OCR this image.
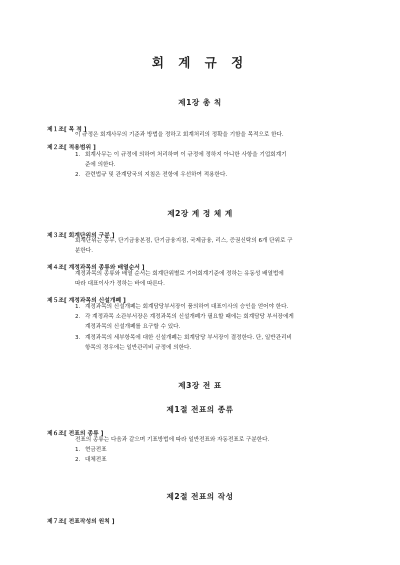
회 계 규 정
제1장 총 칙
제１조[ 목 적 ]
이 규정은 회계사무의 기준과 방법을 정하고 회계처리의 정확을 기함을 목적으로 한다.
제２조[ 적용범위 ]
1. 회계사무는 이 규정에 의하여 처리하며 이 규정에 정하지 아니한 사항을 기업회계기
준에 의한다.
2. 관련법규 및 관계당국의 지침은 전항에 우선하여 적용한다.
제2장 계 정 체 계
제３조[ 회계단위의 구분 ]
회계단위는 총무, 단기금융본점, 단기금융지점, 국제금융, 리스, 증권신탁의 6개 단위로 구
분한다.
제４조[ 계정과목의 종류와 배열순서 ]
계정과목의 종류와 배열 순서는 회계단위별로 기어회계기준에 정하는 유동성 배열법에
따라 대표이사가 정하는 바에 따른다.
제５조[ 계정과목의 신설개폐 ]
1. 계정과목의 신설개폐는 회계담당부서장이 품의하여 대표이사의 승인을 얻어야 한다.
2. 각 계정과목 소관부서장은 계정과목의 신설개폐가 필요할 때에는 회계담당 부서장에게
계정과목의 신설개폐를 요구할 수 있다.
3. 계정과목의 세부항목에 대한 신설개폐는 회계담당 부서장이 결정한다. 단, 일반관리비
항목의 경우에는 일반관리비 규정에 의한다.
제3장 전 표
제1절 전표의 종류
제６조[ 전표의 종류 ]
전표의 종류는 다음과 같으며 기표방법에 따라 일반전표와 자동전표로 구분한다.
1. 현금전표
2. 대체전표
제2절 전표의 작성
제７조[ 전표작성의 원칙 ]
